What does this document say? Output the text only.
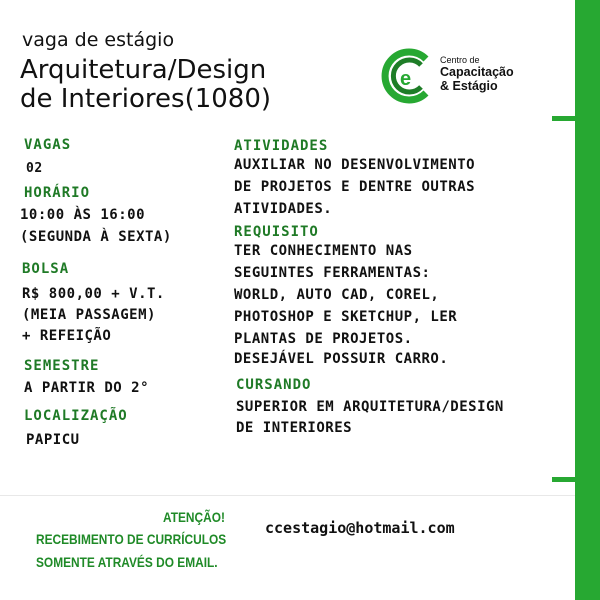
vaga de estágio
Arquitetura/Design
de Interiores(1080)
e
Centro de
Capacitação
& Estágio
VAGAS
02
HORÁRIO
10:00 ÀS 16:00
(SEGUNDA À SEXTA)
BOLSA
R$ 800,00 + V.T.
(MEIA PASSAGEM)
+ REFEIÇÃO
SEMESTRE
A PARTIR DO 2°
LOCALIZAÇÃO
PAPICU
ATIVIDADES
AUXILIAR NO DESENVOLVIMENTO
DE PROJETOS E DENTRE OUTRAS
ATIVIDADES.
REQUISITO
TER CONHECIMENTO NAS
SEGUINTES FERRAMENTAS:
WORLD, AUTO CAD, COREL,
PHOTOSHOP E SKETCHUP, LER
PLANTAS DE PROJETOS.
DESEJÁVEL POSSUIR CARRO.
CURSANDO
SUPERIOR EM ARQUITETURA/DESIGN
DE INTERIORES
ATENÇÃO!
RECEBIMENTO DE CURRÍCULOS
SOMENTE ATRAVÉS DO EMAIL.
ccestagio@hotmail.com
